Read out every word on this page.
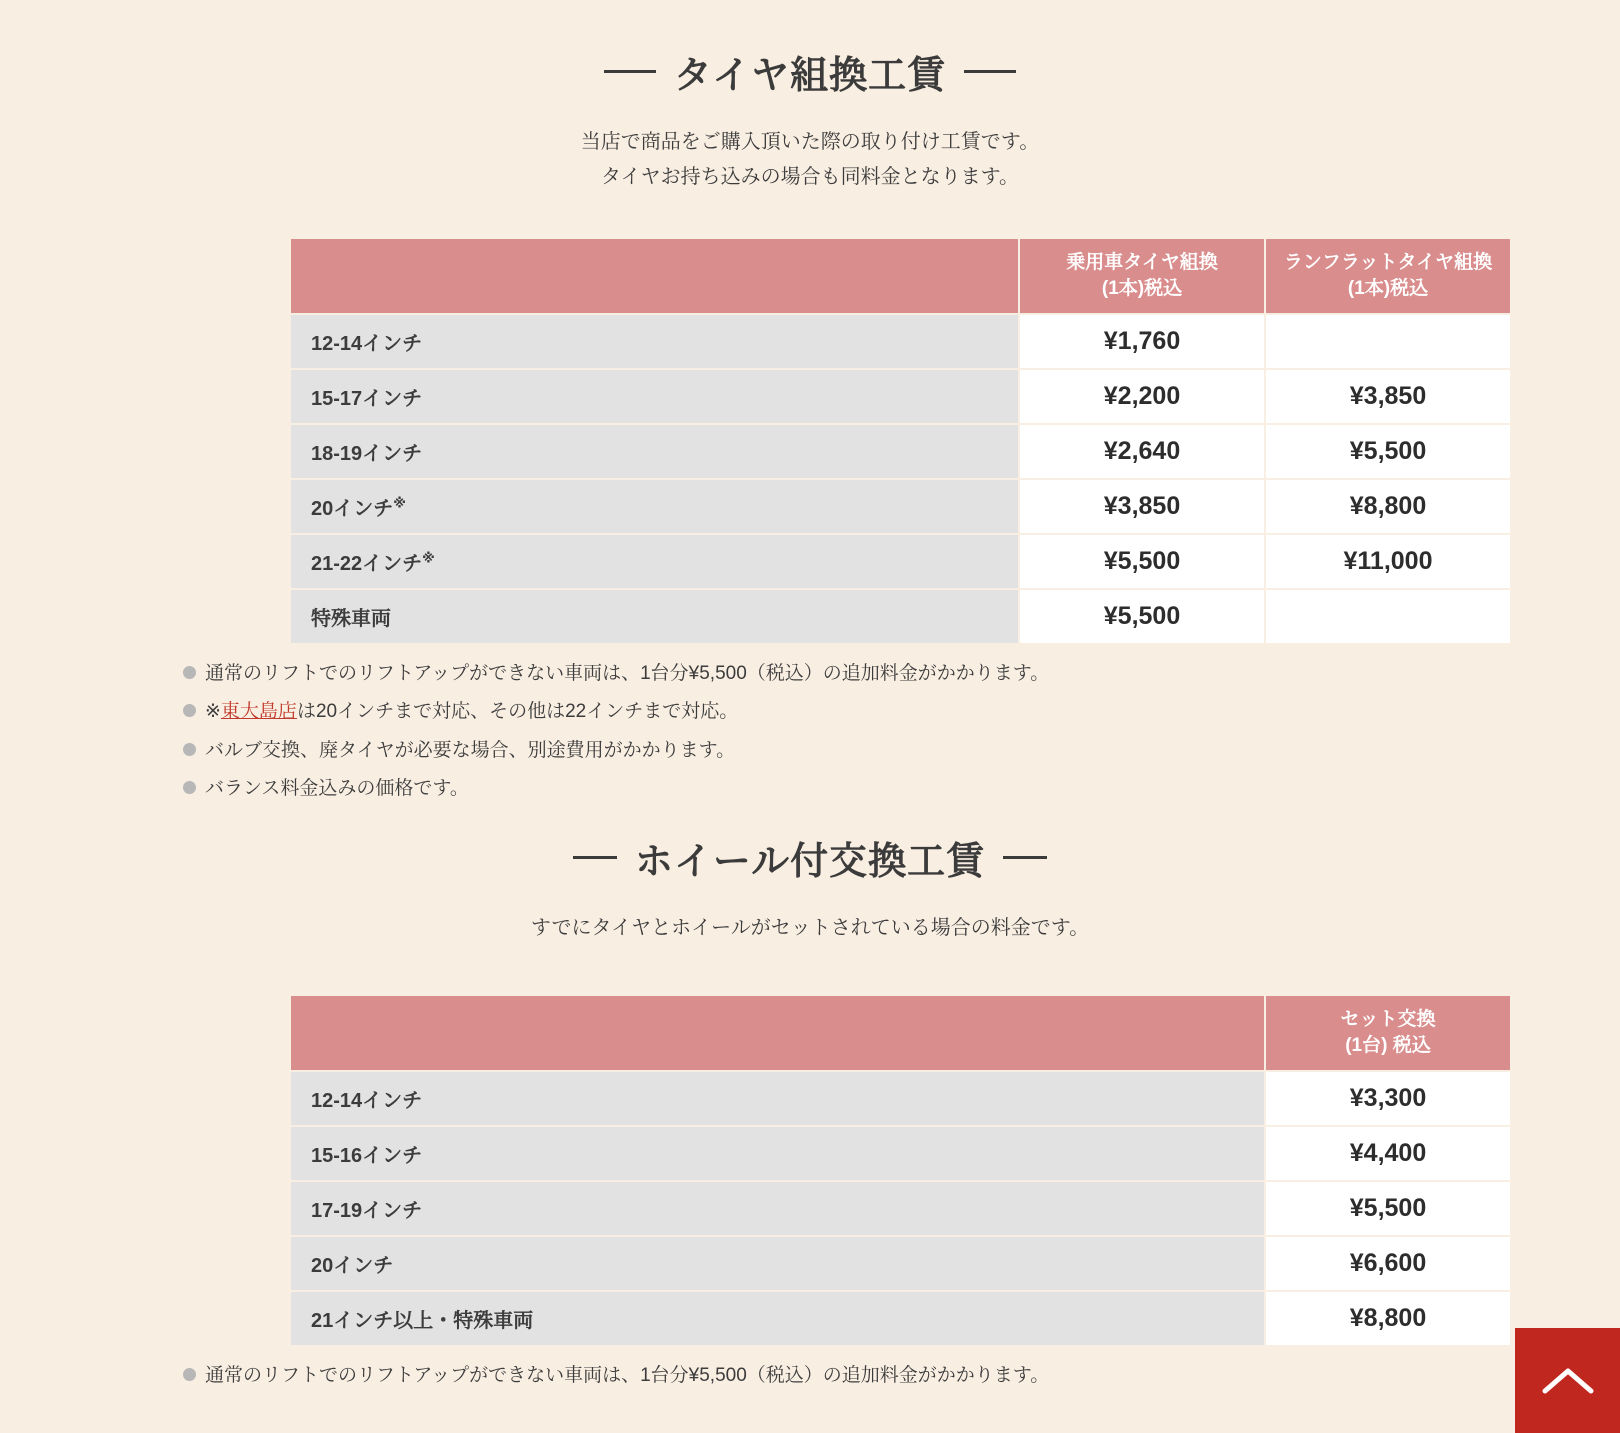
タイヤ組換工賃
当店で商品をご購入頂いた際の取り付け工賃です。
タイヤお持ち込みの場合も同料金となります。

乗用車タイヤ組換
(1本)税込

ランフラットタイヤ組換
(1本)税込

12-14インチ	¥1,760	
15-17インチ	¥2,200	¥3,850
18-19インチ	¥2,640	¥5,500
20インチ※	¥3,850	¥8,800
21-22インチ※	¥5,500	¥11,000
特殊車両	¥5,500	
通常のリフトでのリフトアップができない車両は、1台分¥5,500（税込）の追加料金がかかります。
※東大島店は20インチまで対応、その他は22インチまで対応。
バルブ交換、廃タイヤが必要な場合、別途費用がかかります。
バランス料金込みの価格です。
ホイール付交換工賃
すでにタイヤとホイールがセットされている場合の料金です。

	セット交換
(1台) 税込

12-14インチ	¥3,300
15-16インチ	¥4,400
17-19インチ	¥5,500
20インチ	¥6,600
21インチ以上・特殊車両	¥8,800
通常のリフトでのリフトアップができない車両は、1台分¥5,500（税込）の追加料金がかかります。
